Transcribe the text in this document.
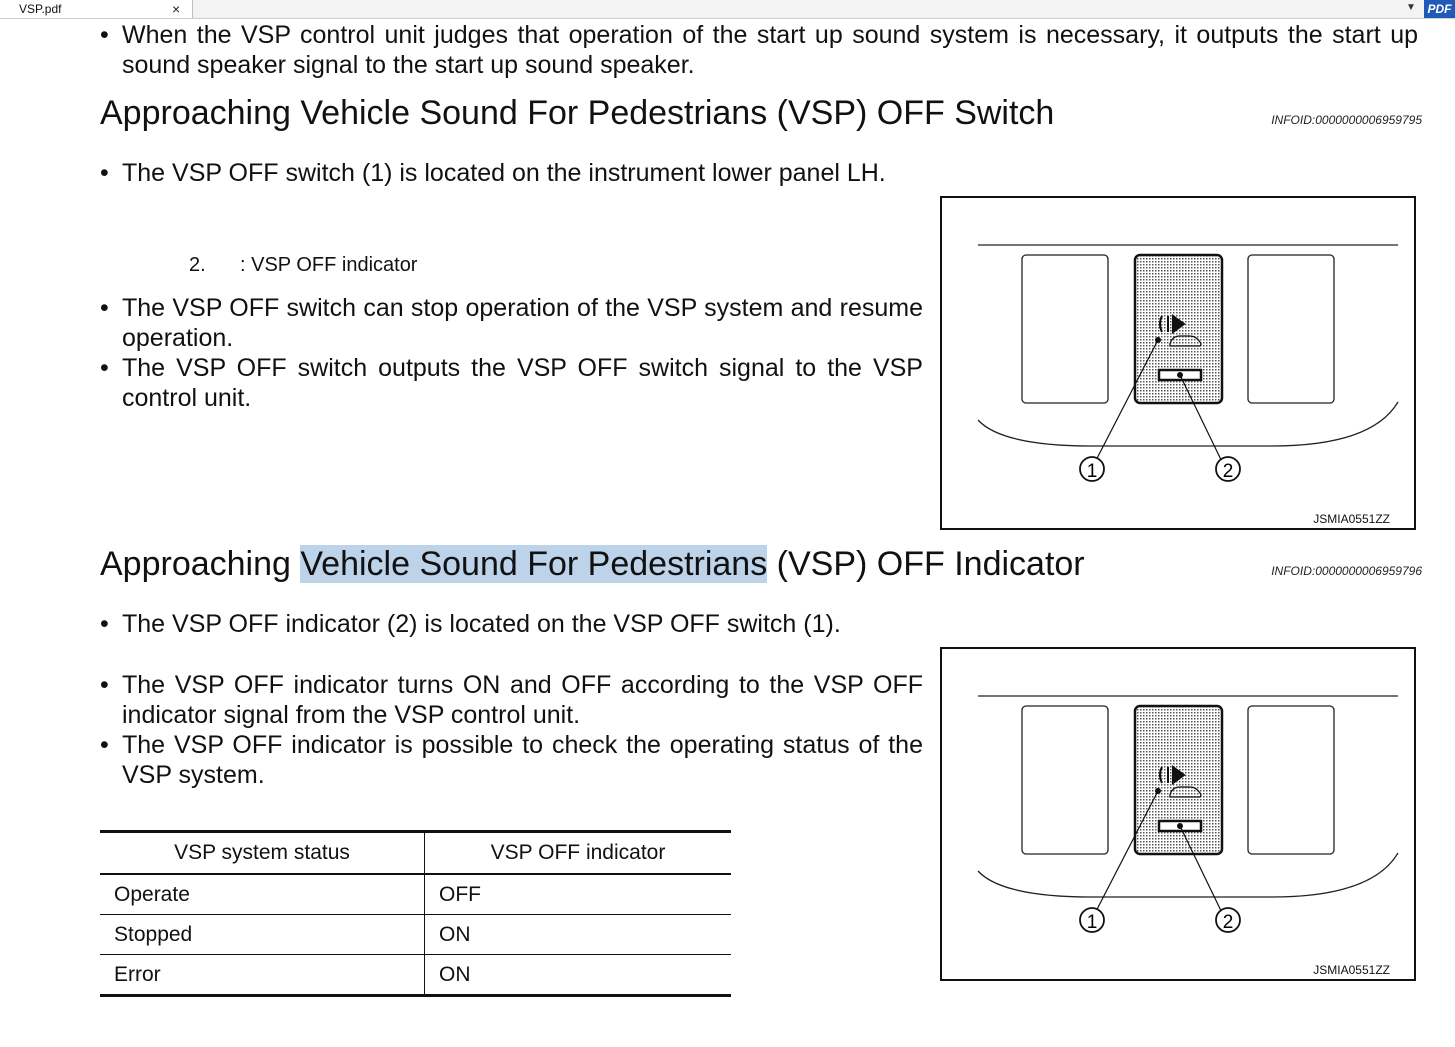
VSP.pdf	×	▼ PDF
• When the VSP control unit judges that operation of the start up sound system is necessary, it outputs the start up sound speaker signal to the start up sound speaker.
Approaching Vehicle Sound For Pedestrians (VSP) OFF Switch	INFOID:0000000006959795
• The VSP OFF switch (1) is located on the instrument lower panel LH.
2. : VSP OFF indicator
• The VSP OFF switch can stop operation of the VSP system and resume operation.
• The VSP OFF switch outputs the VSP OFF switch signal to the VSP control unit.
1	2
JSMIA0551ZZ
Approaching Vehicle Sound For Pedestrians (VSP) OFF Indicator	INFOID:0000000006959796
• The VSP OFF indicator (2) is located on the VSP OFF switch (1).
• The VSP OFF indicator turns ON and OFF according to the VSP OFF indicator signal from the VSP control unit.
• The VSP OFF indicator is possible to check the operating status of the VSP system.
VSP system status	VSP OFF indicator
Operate	OFF
Stopped	ON
Error	ON
1	2
JSMIA0551ZZ
